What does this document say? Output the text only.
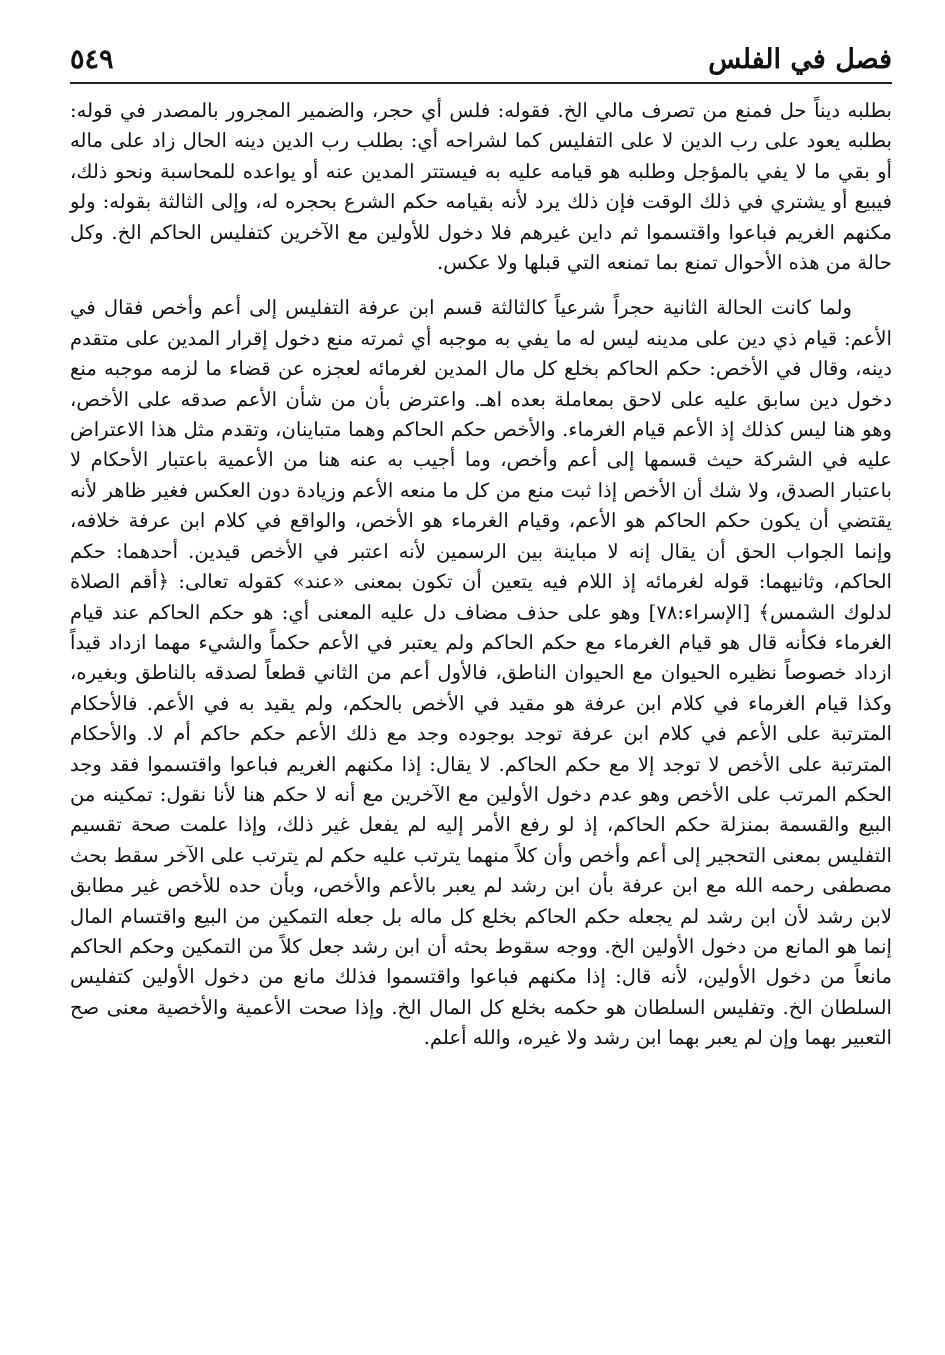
فصل في الفلس
٥٤٩

بطلبه ديناً حل فمنع من تصرف مالي الخ. فقوله: فلس أي حجر، والضمير المجرور بالمصدر في قوله: بطلبه يعود على رب الدين لا على التفليس كما لشراحه أي: بطلب رب الدين دينه الحال زاد على ماله أو بقي ما لا يفي بالمؤجل وطلبه هو قيامه عليه به فيستتر المدين عنه أو يواعده للمحاسبة ونحو ذلك، فيبيع أو يشتري في ذلك الوقت فإن ذلك يرد لأنه بقيامه حكم الشرع بحجره له، وإلى الثالثة بقوله: ولو مكنهم الغريم فباعوا واقتسموا ثم داين غيرهم فلا دخول للأولين مع الآخرين كتفليس الحاكم الخ. وكل حالة من هذه الأحوال تمنع بما تمنعه التي قبلها ولا عكس.

ولما كانت الحالة الثانية حجراً شرعياً كالثالثة قسم ابن عرفة التفليس إلى أعم وأخص فقال في الأعم: قيام ذي دين على مدينه ليس له ما يفي به موجبه أي ثمرته منع دخول إقرار المدين على متقدم دينه، وقال في الأخص: حكم الحاكم بخلع كل مال المدين لغرمائه لعجزه عن قضاء ما لزمه موجبه منع دخول دين سابق عليه على لاحق بمعاملة بعده اهـ. واعترض بأن من شأن الأعم صدقه على الأخص، وهو هنا ليس كذلك إذ الأعم قيام الغرماء. والأخص حكم الحاكم وهما متباينان، وتقدم مثل هذا الاعتراض عليه في الشركة حيث قسمها إلى أعم وأخص، وما أجيب به عنه هنا من الأعمية باعتبار الأحكام لا باعتبار الصدق، ولا شك أن الأخص إذا ثبت منع من كل ما منعه الأعم وزيادة دون العكس فغير ظاهر لأنه يقتضي أن يكون حكم الحاكم هو الأعم، وقيام الغرماء هو الأخص، والواقع في كلام ابن عرفة خلافه، وإنما الجواب الحق أن يقال إنه لا مباينة بين الرسمين لأنه اعتبر في الأخص قيدين. أحدهما: حكم الحاكم، وثانيهما: قوله لغرمائه إذ اللام فيه يتعين أن تكون بمعنى «عند» كقوله تعالى: ﴿أقم الصلاة لدلوك الشمس﴾ [الإسراء:٧٨] وهو على حذف مضاف دل عليه المعنى أي: هو حكم الحاكم عند قيام الغرماء فكأنه قال هو قيام الغرماء مع حكم الحاكم ولم يعتبر في الأعم حكماً والشيء مهما ازداد قيداً ازداد خصوصاً نظيره الحيوان مع الحيوان الناطق، فالأول أعم من الثاني قطعاً لصدقه بالناطق وبغيره، وكذا قيام الغرماء في كلام ابن عرفة هو مقيد في الأخص بالحكم، ولم يقيد به في الأعم. فالأحكام المترتبة على الأعم في كلام ابن عرفة توجد بوجوده وجد مع ذلك الأعم حكم حاكم أم لا. والأحكام المترتبة على الأخص لا توجد إلا مع حكم الحاكم. لا يقال: إذا مكنهم الغريم فباعوا واقتسموا فقد وجد الحكم المرتب على الأخص وهو عدم دخول الأولين مع الآخرين مع أنه لا حكم هنا لأنا نقول: تمكينه من البيع والقسمة بمنزلة حكم الحاكم، إذ لو رفع الأمر إليه لم يفعل غير ذلك، وإذا علمت صحة تقسيم التفليس بمعنى التحجير إلى أعم وأخص وأن كلاً منهما يترتب عليه حكم لم يترتب على الآخر سقط بحث مصطفى رحمه الله مع ابن عرفة بأن ابن رشد لم يعبر بالأعم والأخص، وبأن حده للأخص غير مطابق لابن رشد لأن ابن رشد لم يجعله حكم الحاكم بخلع كل ماله بل جعله التمكين من البيع واقتسام المال إنما هو المانع من دخول الأولين الخ. ووجه سقوط بحثه أن ابن رشد جعل كلاً من التمكين وحكم الحاكم مانعاً من دخول الأولين، لأنه قال: إذا مكنهم فباعوا واقتسموا فذلك مانع من دخول الأولين كتفليس السلطان الخ. وتفليس السلطان هو حكمه بخلع كل المال الخ. وإذا صحت الأعمية والأخصية معنى صح التعبير بهما وإن لم يعبر بهما ابن رشد ولا غيره، والله أعلم.
